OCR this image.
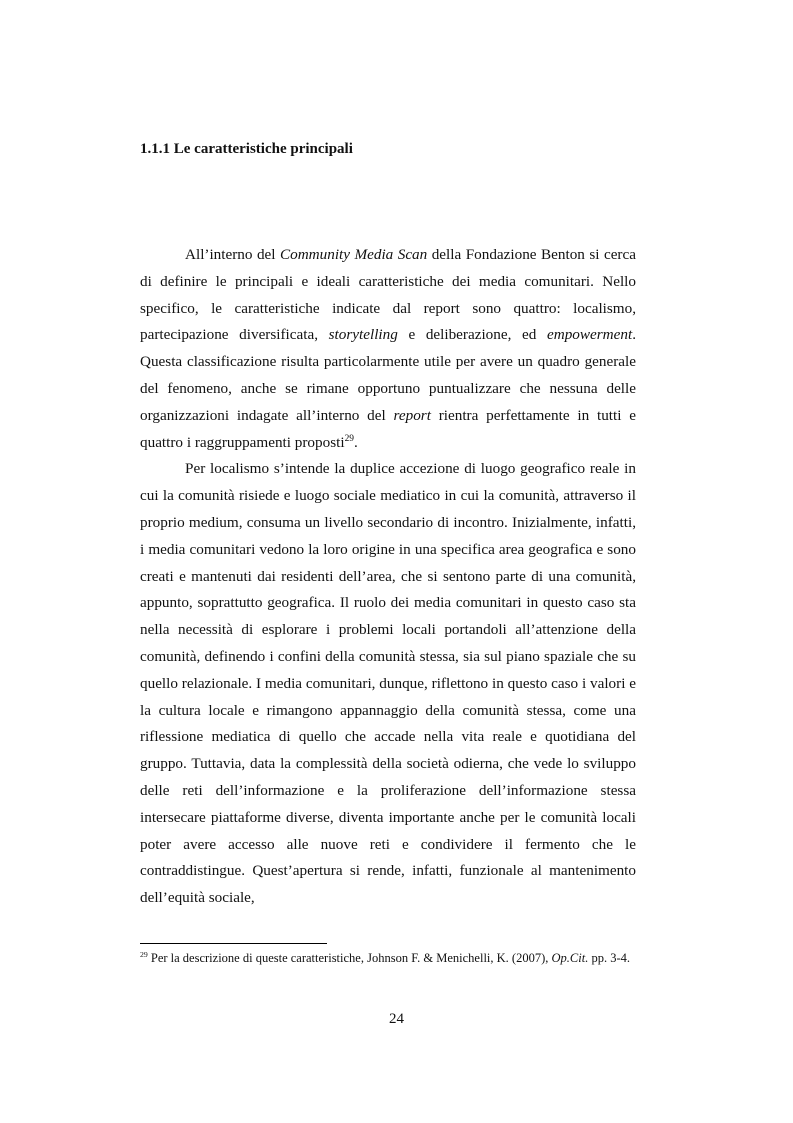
1.1.1 Le caratteristiche principali

All’interno del Community Media Scan della Fondazione Benton si cerca di definire le principali e ideali caratteristiche dei media comunitari. Nello specifico, le caratteristiche indicate dal report sono quattro: localismo, partecipazione diversificata, storytelling e deliberazione, ed empowerment. Questa classificazione risulta particolarmente utile per avere un quadro generale del fenomeno, anche se rimane opportuno puntualizzare che nessuna delle organizzazioni indagate all’interno del report rientra perfettamente in tutti e quattro i raggruppamenti proposti$^{29}$.

Per localismo s’intende la duplice accezione di luogo geografico reale in cui la comunità risiede e luogo sociale mediatico in cui la comunità, attraverso il proprio medium, consuma un livello secondario di incontro. Inizialmente, infatti, i media comunitari vedono la loro origine in una specifica area geografica e sono creati e mantenuti dai residenti dell’area, che si sentono parte di una comunità, appunto, soprattutto geografica. Il ruolo dei media comunitari in questo caso sta nella necessità di esplorare i problemi locali portandoli all’attenzione della comunità, definendo i confini della comunità stessa, sia sul piano spaziale che su quello relazionale. I media comunitari, dunque, riflettono in questo caso i valori e la cultura locale e rimangono appannaggio della comunità stessa, come una riflessione mediatica di quello che accade nella vita reale e quotidiana del gruppo. Tuttavia, data la complessità della società odierna, che vede lo sviluppo delle reti dell’informazione e la proliferazione dell’informazione stessa intersecare piattaforme diverse, diventa importante anche per le comunità locali poter avere accesso alle nuove reti e condividere il fermento che le contraddistingue. Quest’apertura si rende, infatti, funzionale al mantenimento dell’equità sociale,

$^{29}$ Per la descrizione di queste caratteristiche, Johnson F. & Menichelli, K. (2007), Op.Cit. pp. 3-4.

24
